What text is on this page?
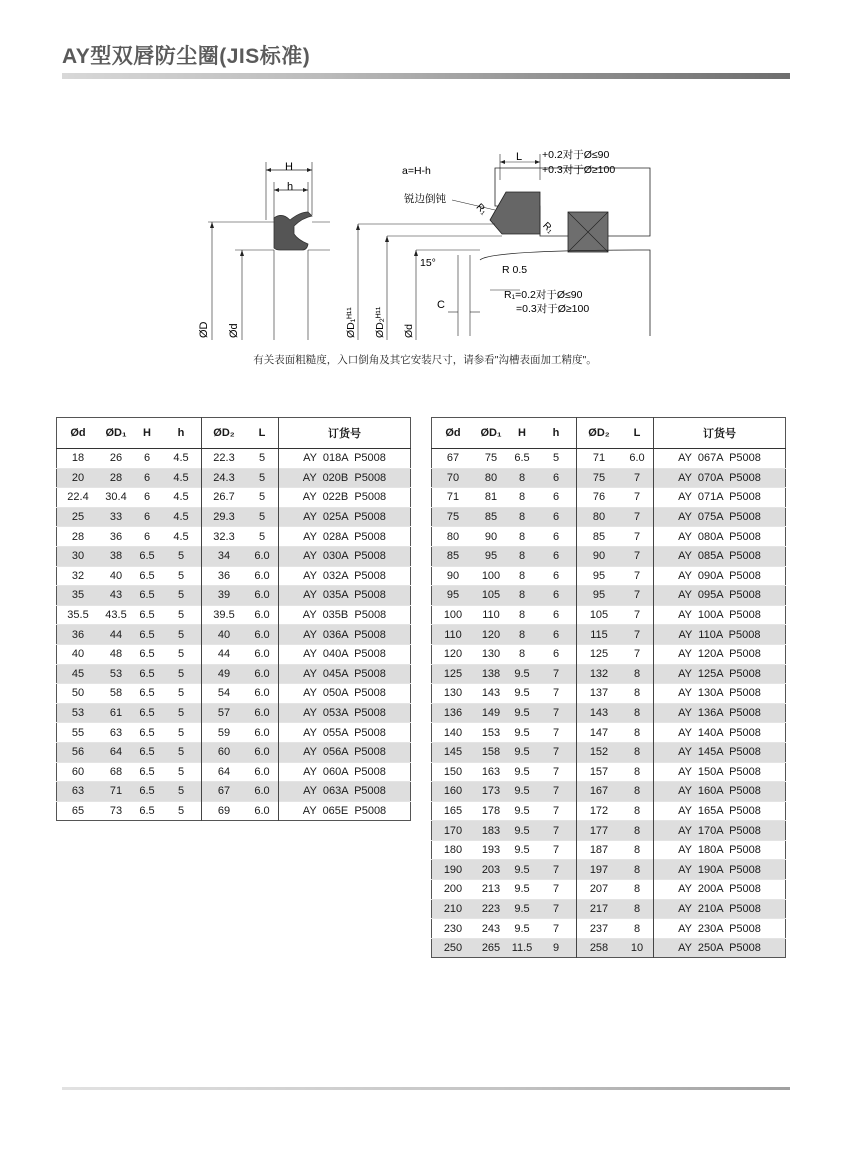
AY型双唇防尘圈(JIS标准)
H
h
ØD Ød
a=H-h
L +0.2对于Ø≤90
+0.3对于Ø≥100
锐边倒钝
R₁
R₁
15°
R 0.5
C
R₁=0.2对于Ø≤90
=0.3对于Ø≥100
ØD₁ᴴ¹¹ ØD₂ᴴ¹¹ Ød
有关表面粗糙度，入口倒角及其它安装尺寸，请参看"沟槽表面加工精度"。
Ød	ØD₁	H	h	ØD₂	L	订货号
18	26	6	4.5	22.3	5	AY  018A  P5008
20	28	6	4.5	24.3	5	AY  020B  P5008
22.4	30.4	6	4.5	26.7	5	AY  022B  P5008
25	33	6	4.5	29.3	5	AY  025A  P5008
28	36	6	4.5	32.3	5	AY  028A  P5008
30	38	6.5	5	34	6.0	AY  030A  P5008
32	40	6.5	5	36	6.0	AY  032A  P5008
35	43	6.5	5	39	6.0	AY  035A  P5008
35.5	43.5	6.5	5	39.5	6.0	AY  035B  P5008
36	44	6.5	5	40	6.0	AY  036A  P5008
40	48	6.5	5	44	6.0	AY  040A  P5008
45	53	6.5	5	49	6.0	AY  045A  P5008
50	58	6.5	5	54	6.0	AY  050A  P5008
53	61	6.5	5	57	6.0	AY  053A  P5008
55	63	6.5	5	59	6.0	AY  055A  P5008
56	64	6.5	5	60	6.0	AY  056A  P5008
60	68	6.5	5	64	6.0	AY  060A  P5008
63	71	6.5	5	67	6.0	AY  063A  P5008
65	73	6.5	5	69	6.0	AY  065E  P5008
Ød	ØD₁	H	h	ØD₂	L	订货号
67	75	6.5	5	71	6.0	AY  067A  P5008
70	80	8	6	75	7	AY  070A  P5008
71	81	8	6	76	7	AY  071A  P5008
75	85	8	6	80	7	AY  075A  P5008
80	90	8	6	85	7	AY  080A  P5008
85	95	8	6	90	7	AY  085A  P5008
90	100	8	6	95	7	AY  090A  P5008
95	105	8	6	95	7	AY  095A  P5008
100	110	8	6	105	7	AY  100A  P5008
110	120	8	6	115	7	AY  110A  P5008
120	130	8	6	125	7	AY  120A  P5008
125	138	9.5	7	132	8	AY  125A  P5008
130	143	9.5	7	137	8	AY  130A  P5008
136	149	9.5	7	143	8	AY  136A  P5008
140	153	9.5	7	147	8	AY  140A  P5008
145	158	9.5	7	152	8	AY  145A  P5008
150	163	9.5	7	157	8	AY  150A  P5008
160	173	9.5	7	167	8	AY  160A  P5008
165	178	9.5	7	172	8	AY  165A  P5008
170	183	9.5	7	177	8	AY  170A  P5008
180	193	9.5	7	187	8	AY  180A  P5008
190	203	9.5	7	197	8	AY  190A  P5008
200	213	9.5	7	207	8	AY  200A  P5008
210	223	9.5	7	217	8	AY  210A  P5008
230	243	9.5	7	237	8	AY  230A  P5008
250	265	11.5	9	258	10	AY  250A  P5008
